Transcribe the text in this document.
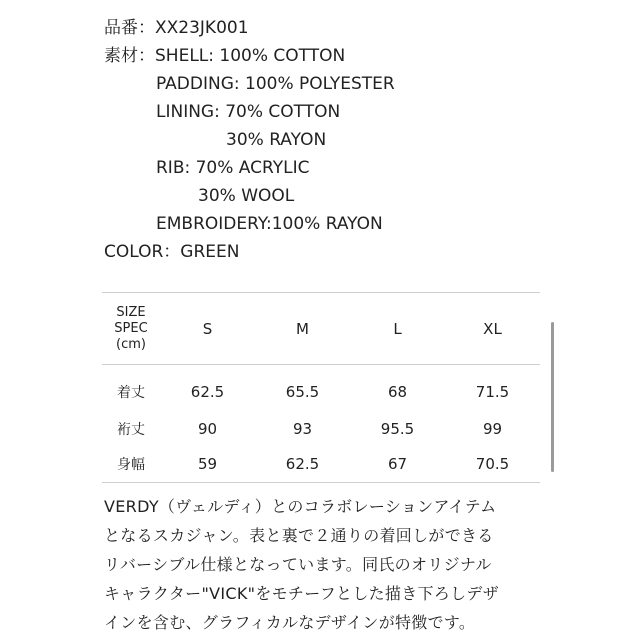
品番：XX23JK001
素材：SHELL: 100% COTTON
PADDING: 100% POLYESTER
LINING: 70% COTTON
30% RAYON
RIB: 70% ACRYLIC
30% WOOL
EMBROIDERY:100% RAYON
COLOR：GREEN
SIZE
SPEC
(cm)	S	M	L	XL
着丈	62.5	65.5	68	71.5
裄丈	90	93	95.5	99
身幅	59	62.5	67	70.5
VERDY（ヴェルディ）とのコラボレーションアイテム
となるスカジャン。表と裏で２通りの着回しができる
リバーシブル仕様となっています。同氏のオリジナル
キャラクター"VICK"をモチーフとした描き下ろしデザ
インを含む、グラフィカルなデザインが特徴です。
